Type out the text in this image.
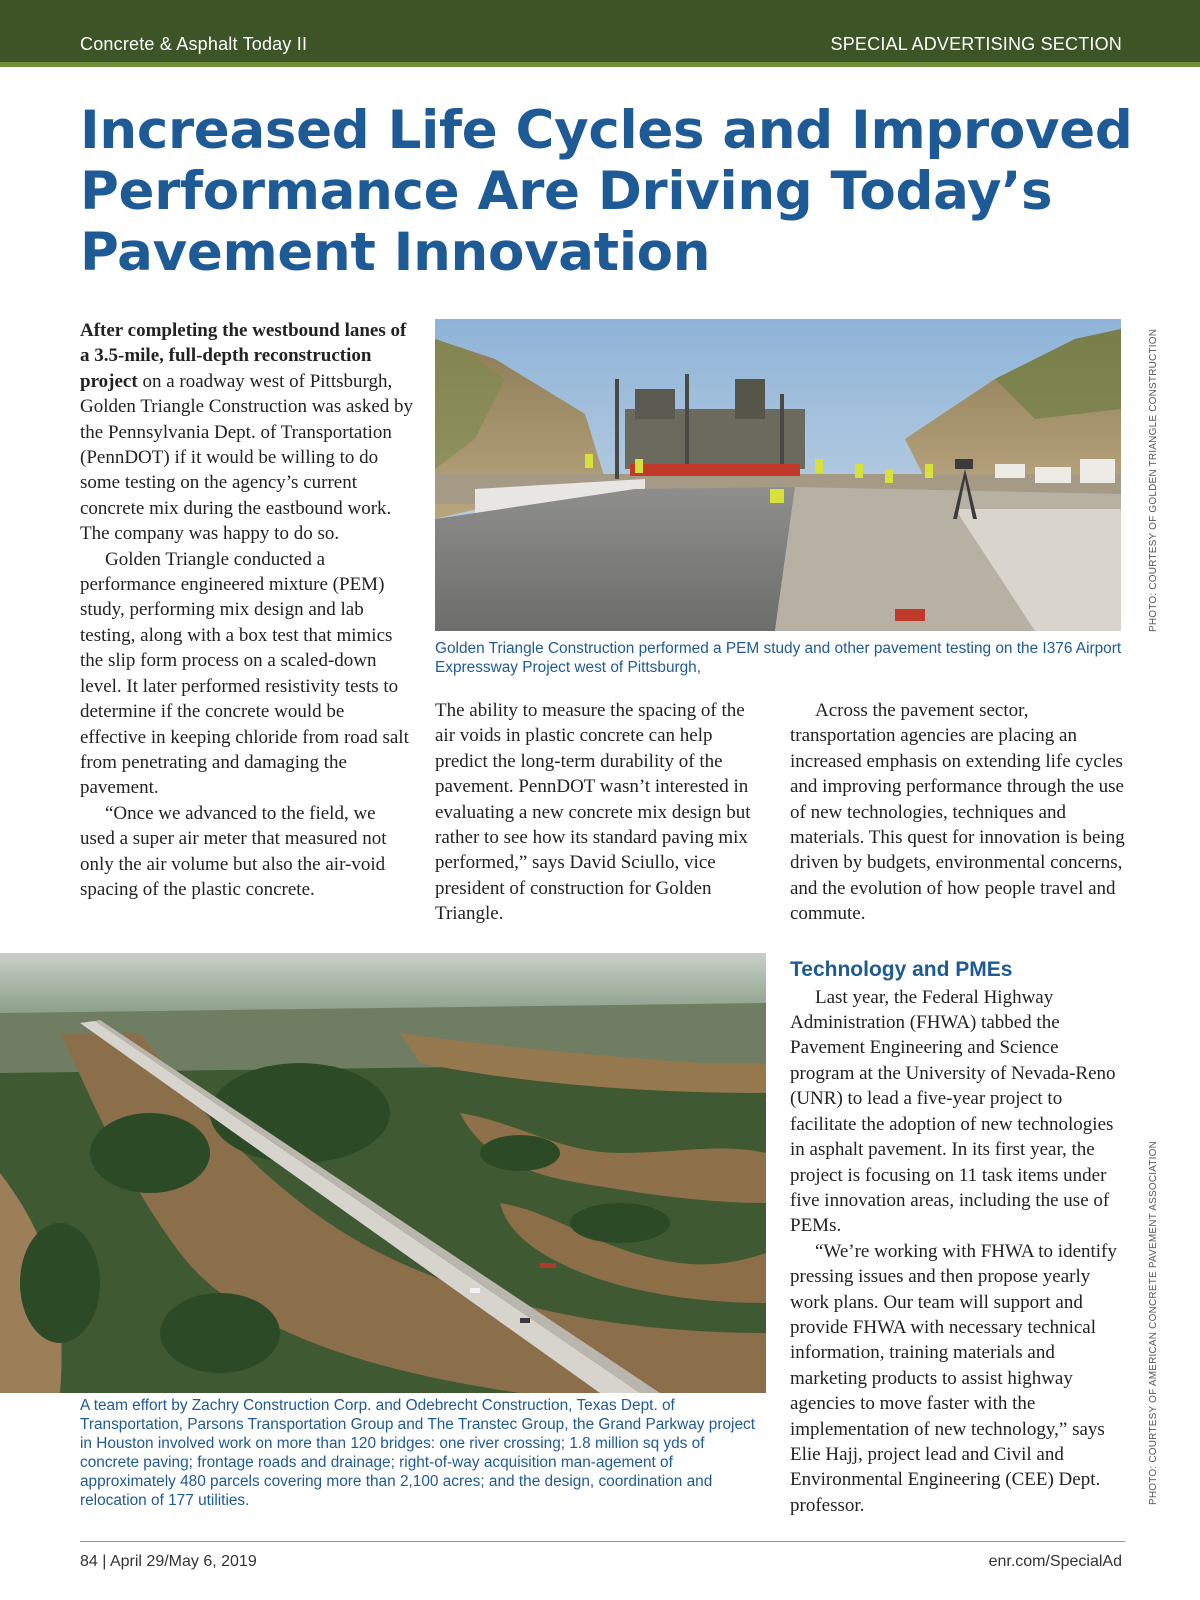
Concrete & Asphalt Today II	SPECIAL ADVERTISING SECTION
Increased Life Cycles and Improved Performance Are Driving Today’s Pavement Innovation

After completing the westbound lanes of a 3.5-mile, full-depth reconstruction project on a roadway west of Pittsburgh, Golden Triangle Construction was asked by the Pennsylvania Dept. of Transportation (PennDOT) if it would be willing to do some testing on the agency’s current concrete mix during the eastbound work. The company was happy to do so.

Golden Triangle conducted a performance engineered mixture (PEM) study, performing mix design and lab testing, along with a box test that mimics the slip form process on a scaled-down level. It later performed resistivity tests to determine if the concrete would be effective in keeping chloride from road salt from penetrating and damaging the pavement.

“Once we advanced to the field, we used a super air meter that measured not only the air volume but also the air-void spacing of the plastic concrete.

Golden Triangle Construction performed a PEM study and other pavement testing on the I376 Airport Expressway Project west of Pittsburgh,

PHOTO: COURTESY OF GOLDEN TRIANGLE CONSTRUCTION

The ability to measure the spacing of the air voids in plastic concrete can help predict the long-term durability of the pavement. PennDOT wasn’t interested in evaluating a new concrete mix design but rather to see how its standard paving mix performed,” says David Sciullo, vice president of construction for Golden Triangle.

Across the pavement sector, transportation agencies are placing an increased emphasis on extending life cycles and improving performance through the use of new technologies, techniques and materials. This quest for innovation is being driven by budgets, environmental concerns, and the evolution of how people travel and commute.

Technology and PMEs

Last year, the Federal Highway Administration (FHWA) tabbed the Pavement Engineering and Science program at the University of Nevada-Reno (UNR) to lead a five-year project to facilitate the adoption of new technologies in asphalt pavement. In its first year, the project is focusing on 11 task items under five innovation areas, including the use of PEMs.

“We’re working with FHWA to identify pressing issues and then propose yearly work plans. Our team will support and provide FHWA with necessary technical information, training materials and marketing products to assist highway agencies to move faster with the implementation of new technology,” says Elie Hajj, project lead and Civil and Environmental Engineering (CEE) Dept. professor.

A team effort by Zachry Construction Corp. and Odebrecht Construction, Texas Dept. of Transportation, Parsons Transportation Group and The Transtec Group, the Grand Parkway project in Houston involved work on more than 120 bridges: one river crossing; 1.8 million sq yds of concrete paving; frontage roads and drainage; right-of-way acquisition man-agement of approximately 480 parcels covering more than 2,100 acres; and the design, coordination and relocation of 177 utilities.	PHOTO: COURTESY OF AMERICAN CONCRETE PAVEMENT ASSOCIATION
84 | April 29/May 6, 2019	enr.com/SpecialAd
